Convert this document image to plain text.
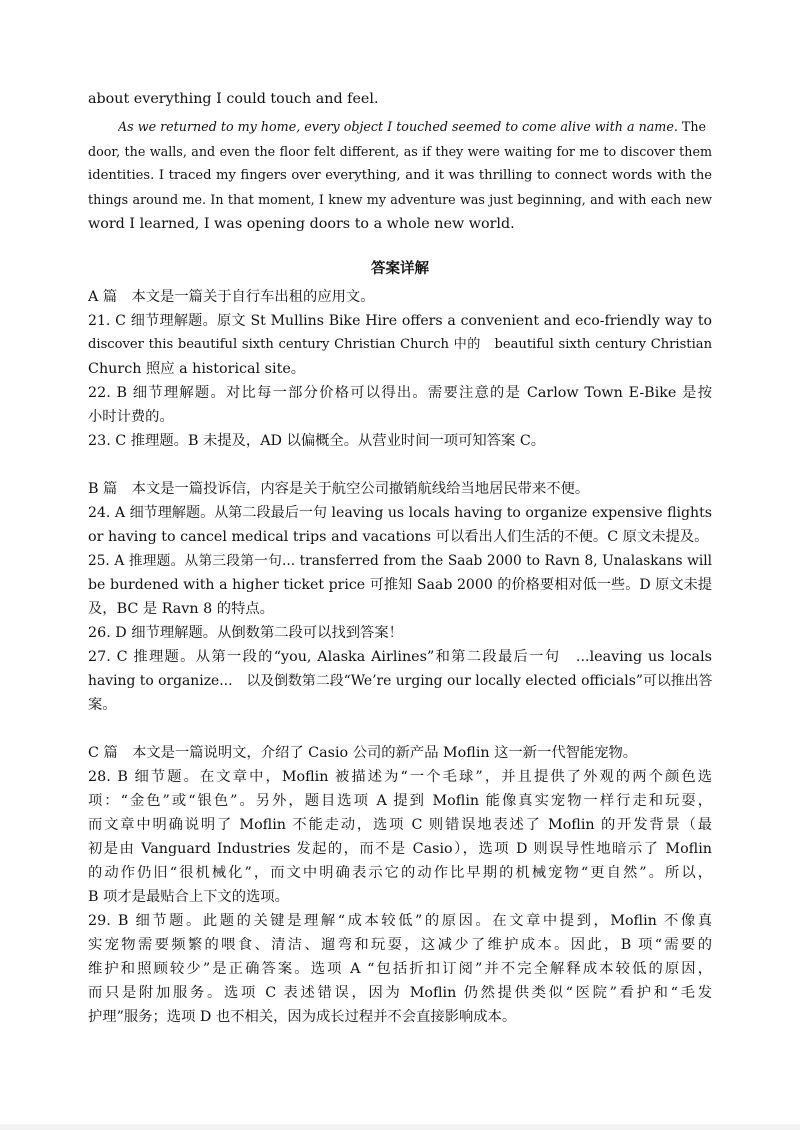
about everything I could touch and feel.
As we returned to my home, every object I touched seemed to come alive with a name. The
door, the walls, and even the floor felt different, as if they were waiting for me to discover them
identities. I traced my fingers over everything, and it was thrilling to connect words with the
things around me. In that moment, I knew my adventure was just beginning, and with each new
word I learned, I was opening doors to a whole new world.
答案详解
A 篇　本文是一篇关于自行车出租的应用文。
21. C 细节理解题。原文 St Mullins Bike Hire offers a convenient and eco-friendly way to
discover this beautiful sixth century Christian Church 中的　beautiful sixth century Christian
Church 照应 a historical site。
22. B 细节理解题。对比每一部分价格可以得出。需要注意的是 Carlow Town E-Bike 是按
小时计费的。
23. C 推理题。B 未提及，AD 以偏概全。从营业时间一项可知答案 C。
B 篇　本文是一篇投诉信，内容是关于航空公司撤销航线给当地居民带来不便。
24. A 细节理解题。从第二段最后一句 leaving us locals having to organize expensive flights
or having to cancel medical trips and vacations 可以看出人们生活的不便。C 原文未提及。
25. A 推理题。从第三段第一句... transferred from the Saab 2000 to Ravn 8, Unalaskans will
be burdened with a higher ticket price 可推知 Saab 2000 的价格要相对低一些。D 原文未提
及，BC 是 Ravn 8 的特点。
26. D 细节理解题。从倒数第二段可以找到答案！
27. C 推理题。从第一段的“you, Alaska Airlines”和第二段最后一句　...leaving us locals
having to organize...　以及倒数第二段“We’re urging our locally elected officials”可以推出答
案。
C 篇　本文是一篇说明文，介绍了 Casio 公司的新产品 Moflin 这一新一代智能宠物。
28. B 细节题。在文章中，Moflin 被描述为“一个毛球”，并且提供了外观的两个颜色选
项：“金色”或“银色”。另外，题目选项 A 提到 Moflin 能像真实宠物一样行走和玩耍，
而文章中明确说明了 Moflin 不能走动，选项 C 则错误地表述了 Moflin 的开发背景（最
初是由 Vanguard Industries 发起的，而不是 Casio），选项 D 则误导性地暗示了 Moflin
的动作仍旧“很机械化”，而文中明确表示它的动作比早期的机械宠物“更自然”。所以，
B 项才是最贴合上下文的选项。
29. B 细节题。此题的关键是理解“成本较低”的原因。在文章中提到，Moflin 不像真
实宠物需要频繁的喂食、清洁、遛弯和玩耍，这减少了维护成本。因此，B 项“需要的
维护和照顾较少”是正确答案。选项 A “包括折扣订阅”并不完全解释成本较低的原因，
而只是附加服务。选项 C 表述错误，因为 Moflin 仍然提供类似“医院”看护和“毛发
护理”服务；选项 D 也不相关，因为成长过程并不会直接影响成本。
